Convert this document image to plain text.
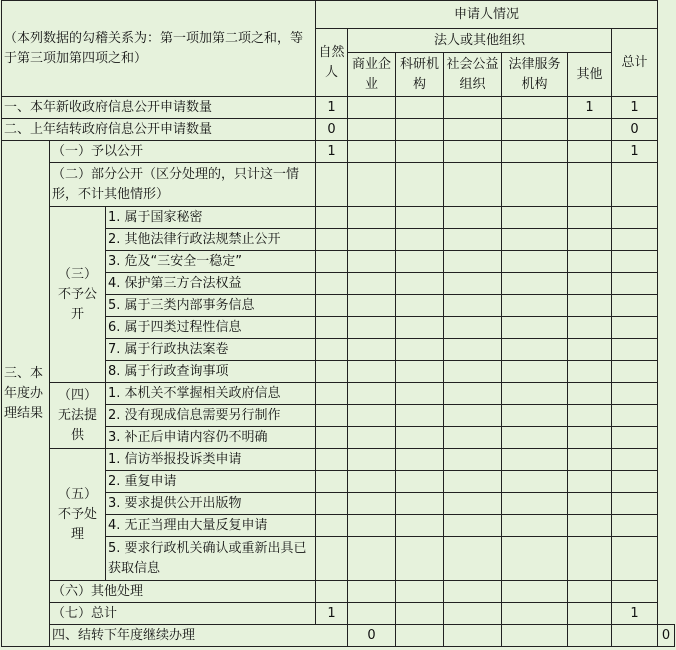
（本列数据的勾稽关系为：第一项加第二项之和，等于第三项加第四项之和）			申请人情况							
			自然人	法人或其他组织					总计	
				商业企业	科研机构	社会公益组织	法律服务机构	其他		

一、本年新收政府信息公开申请数量			1					1	1	
二、上年结转政府信息公开申请数量			0						0	
三、本年度办理结果	（一）予以公开		1						1	
	（二）部分公开（区分处理的，只计这一情形，不计其他情形）									
	（三）不予公开	1. 属于国家秘密								
		2. 其他法律行政法规禁止公开								
		3. 危及“三安全一稳定”								
		4. 保护第三方合法权益								
		5. 属于三类内部事务信息								
		6. 属于四类过程性信息								
		7. 属于行政执法案卷								
		8. 属于行政查询事项								
	（四）无法提供	1. 本机关不掌握相关政府信息								
		2. 没有现成信息需要另行制作								
		3. 补正后申请内容仍不明确								
	（五）不予处理	1. 信访举报投诉类申请								
		2. 重复申请								
		3. 要求提供公开出版物								
		4. 无正当理由大量反复申请								
		5. 要求行政机关确认或重新出具已获取信息								
	（六）其他处理									
	（七）总计		1						1	
	四、结转下年度继续办理			0						0
